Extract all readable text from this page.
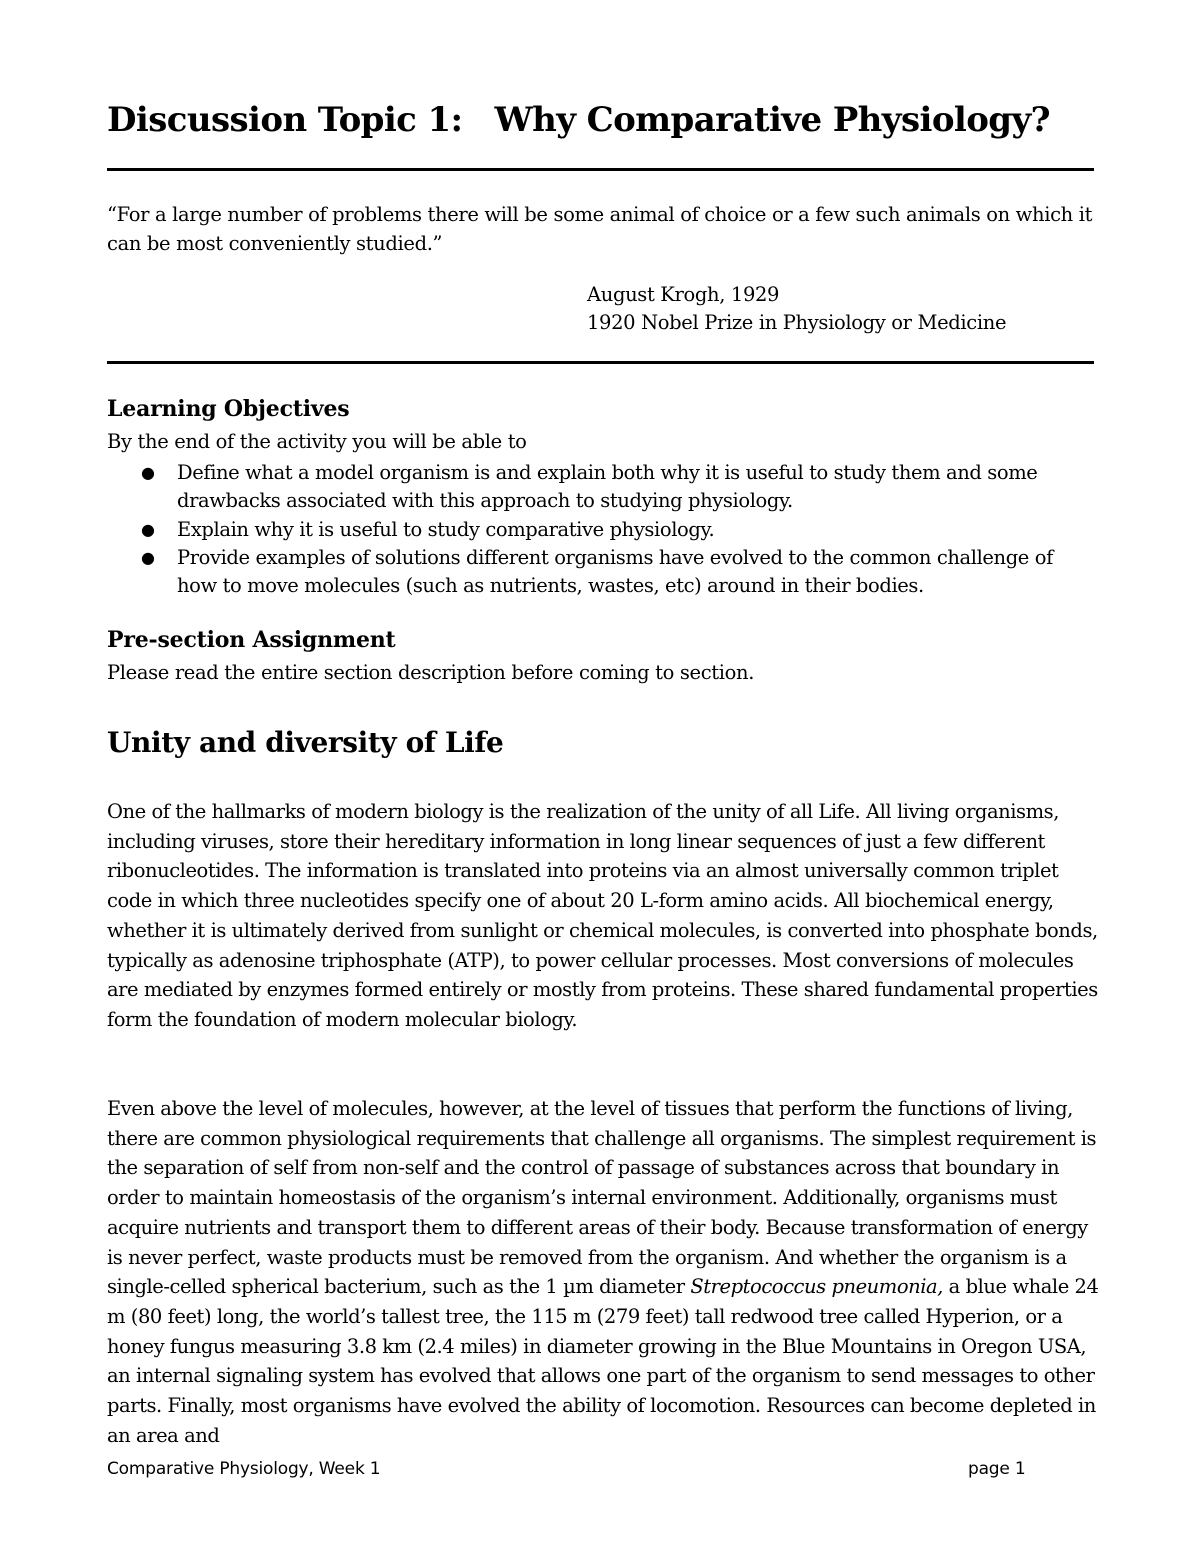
Discussion Topic 1: Why Comparative Physiology?
“For a large number of problems there will be some animal of choice or a few such animals on which it can be most conveniently studied.”
August Krogh, 1929
1920 Nobel Prize in Physiology or Medicine
Learning Objectives
By the end of the activity you will be able to
● Define what a model organism is and explain both why it is useful to study them and some drawbacks associated with this approach to studying physiology.
● Explain why it is useful to study comparative physiology.
● Provide examples of solutions different organisms have evolved to the common challenge of how to move molecules (such as nutrients, wastes, etc) around in their bodies.
Pre-section Assignment
Please read the entire section description before coming to section.
Unity and diversity of Life

One of the hallmarks of modern biology is the realization of the unity of all Life. All living organisms, including viruses, store their hereditary information in long linear sequences of just a few different ribonucleotides. The information is translated into proteins via an almost universally common triplet code in which three nucleotides specify one of about 20 L-form amino acids. All biochemical energy, whether it is ultimately derived from sunlight or chemical molecules, is converted into phosphate bonds, typically as adenosine triphosphate (ATP), to power cellular processes. Most conversions of molecules are mediated by enzymes formed entirely or mostly from proteins. These shared fundamental properties form the foundation of modern molecular biology.

Even above the level of molecules, however, at the level of tissues that perform the functions of living, there are common physiological requirements that challenge all organisms. The simplest requirement is the separation of self from non-self and the control of passage of substances across that boundary in order to maintain homeostasis of the organism’s internal environment. Additionally, organisms must acquire nutrients and transport them to different areas of their body. Because transformation of energy is never perfect, waste products must be removed from the organism. And whether the organism is a single-celled spherical bacterium, such as the 1 µm diameter Streptococcus pneumonia, a blue whale 24 m (80 feet) long, the world’s tallest tree, the 115 m (279 feet) tall redwood tree called Hyperion, or a honey fungus measuring 3.8 km (2.4 miles) in diameter growing in the Blue Mountains in Oregon USA, an internal signaling system has evolved that allows one part of the organism to send messages to other parts. Finally, most organisms have evolved the ability of locomotion. Resources can become depleted in an area and

Comparative Physiology, Week 1	page 1
